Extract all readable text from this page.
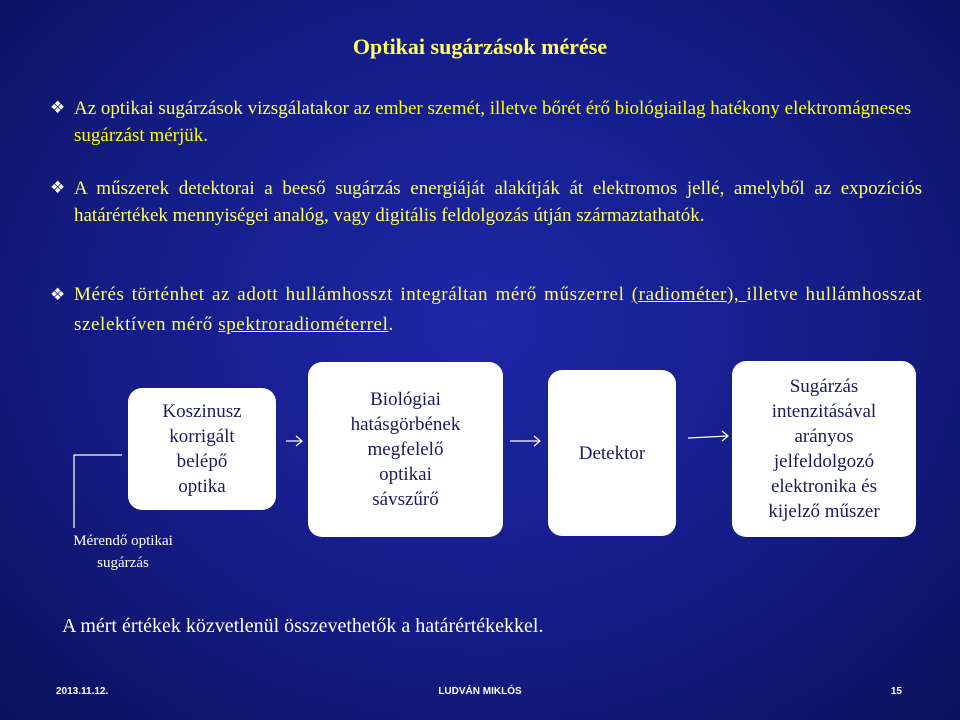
Optikai sugárzások mérése
❖ Az optikai sugárzások vizsgálatakor az ember szemét, illetve bőrét érő biológiailag hatékony elektromágneses sugárzást mérjük.
❖ A műszerek detektorai a beeső sugárzás energiáját alakítják át elektromos jellé, amelyből az expozíciós határértékek mennyiségei analóg, vagy digitális feldolgozás útján származtathatók.
❖ Mérés történhet az adott hullámhosszt integráltan mérő műszerrel (radiométer), illetve hullámhosszat szelektíven mérő spektroradiométerrel.
Koszinusz
korrigált
belépő
optika
Biológiai
hatásgörbének
megfelelő
optikai
sávszűrő
Detektor
Sugárzás
intenzitásával
arányos
jelfeldolgozó
elektronika és
kijelző műszer
Mérendő optikai sugárzás
A mért értékek közvetlenül összevethetők a határértékekkel.
2013.11.12.	LUDVÁN MIKLÓS	15
